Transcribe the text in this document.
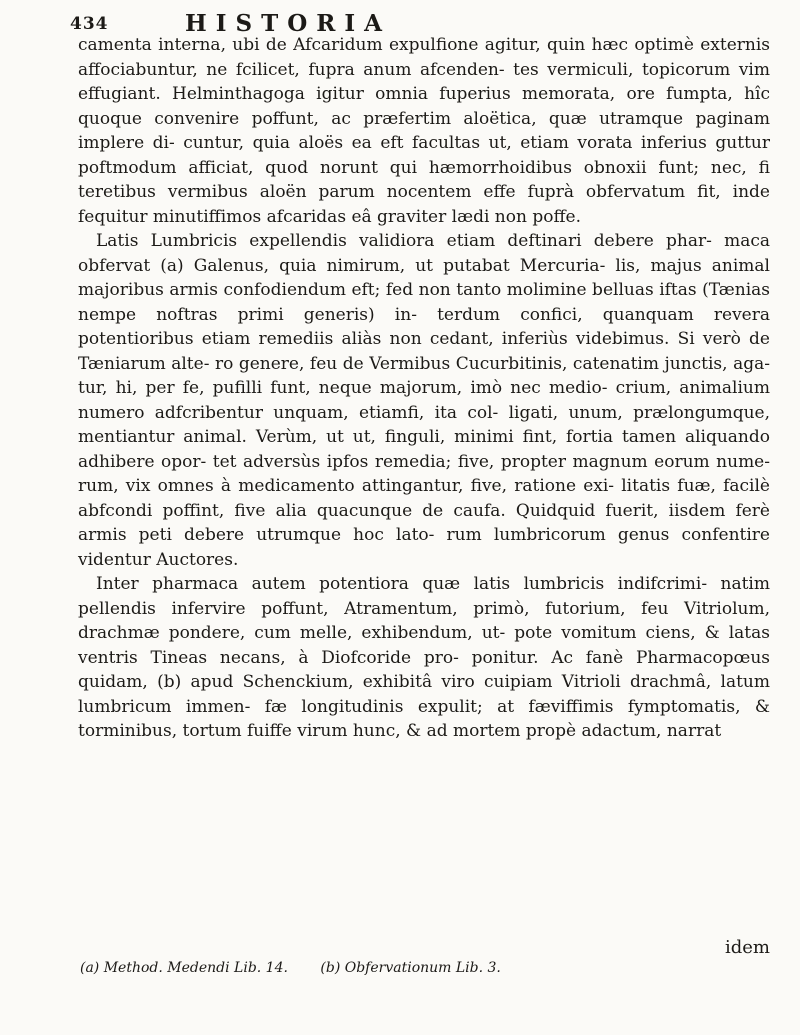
434	HISTORIA

camenta interna, ubi de Afcaridum expulfione agitur, quin hæc optimè externis affociabuntur, ne fcilicet, fupra anum afcenden- tes vermiculi, topicorum vim effugiant. Helminthagoga igitur omnia fuperius memorata, ore fumpta, hîc quoque convenire poffunt, ac præfertim aloëtica, quæ utramque paginam implere di- cuntur, quia aloës ea eft facultas ut, etiam vorata inferius guttur poftmodum afficiat, quod norunt qui hæmorrhoidibus obnoxii funt; nec, fi teretibus vermibus aloën parum nocentem effe fuprà obfervatum fit, inde fequitur minutiffimos afcaridas eâ graviter lædi non poffe.

Latis Lumbricis expellendis validiora etiam deftinari debere phar- maca obfervat (a) Galenus, quia nimirum, ut putabat Mercuria- lis, majus animal majoribus armis confodiendum eft; fed non tanto molimine belluas iftas (Tænias nempe noftras primi generis) in- terdum confici, quanquam revera potentioribus etiam remediis aliàs non cedant, inferiùs videbimus. Si verò de Tæniarum alte- ro genere, feu de Vermibus Cucurbitinis, catenatim junctis, aga- tur, hi, per fe, pufilli funt, neque majorum, imò nec medio- crium, animalium numero adfcribentur unquam, etiamfi, ita col- ligati, unum, prælongumque, mentiantur animal. Verùm, ut ut, finguli, minimi fint, fortia tamen aliquando adhibere opor- tet adversùs ipfos remedia; five, propter magnum eorum nume- rum, vix omnes à medicamento attingantur, five, ratione exi- litatis fuæ, facilè abfcondi poffint, five alia quacunque de caufa. Quidquid fuerit, iisdem ferè armis peti debere utrumque hoc lato- rum lumbricorum genus confentire videntur Auctores.

Inter pharmaca autem potentiora quæ latis lumbricis indifcrimi- natim pellendis infervire poffunt, Atramentum, primò, futorium, feu Vitriolum, drachmæ pondere, cum melle, exhibendum, ut- pote vomitum ciens, & latas ventris Tineas necans, à Diofcoride pro- ponitur. Ac fanè Pharmacopœus quidam, (b) apud Schenckium, exhibitâ viro cuipiam Vitrioli drachmâ, latum lumbricum immen- fæ longitudinis expulit; at fæviffimis fymptomatis, & torminibus, tortum fuiffe virum hunc, & ad mortem propè adactum, narrat

idem
(a) Method. Medendi Lib. 14. (b) Obfervationum Lib. 3.
